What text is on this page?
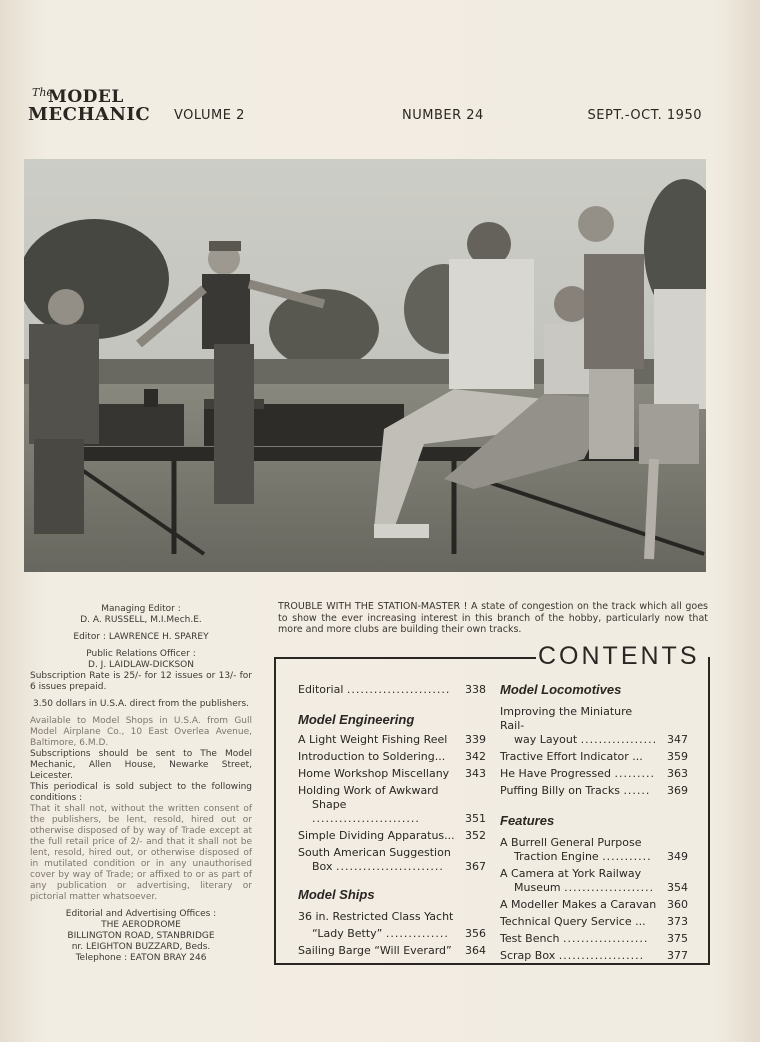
The
MODEL
MECHANIC VOLUME 2	NUMBER 24	SEPT.-OCT. 1950
TROUBLE WITH THE STATION-MASTER ! A state of congestion on the track which all goes to show the ever increasing interest in this branch of the hobby, particularly now that more and more clubs are building their own tracks.
Managing Editor :
D. A. RUSSELL, M.I.Mech.E.
Editor : LAWRENCE H. SPAREY
Public Relations Officer :
D. J. LAIDLAW-DICKSON
Subscription Rate is 25/- for 12 issues or 13/- for 6 issues prepaid.
3.50 dollars in U.S.A. direct from the publishers.
Available to Model Shops in U.S.A. from Gull Model Airplane Co., 10 East Overlea Avenue, Baltimore, 6.M.D.
Subscriptions should be sent to The Model Mechanic, Allen House, Newarke Street, Leicester.
This periodical is sold subject to the following conditions :
That it shall not, without the written consent of the publishers, be lent, resold, hired out or otherwise disposed of by way of Trade except at the full retail price of 2/- and that it shall not be lent, resold, hired out, or otherwise disposed of in mutilated condition or in any unauthorised cover by way of Trade; or affixed to or as part of any publication or advertising, literary or pictorial matter whatsoever.
Editorial and Advertising Offices :
THE AERODROME
BILLINGTON ROAD, STANBRIDGE
nr. LEIGHTON BUZZARD, Beds.
Telephone : EATON BRAY 246
CONTENTS
Editorial .......................	338
Model Engineering
A Light Weight Fishing Reel	339
Introduction to Soldering...	342
Home Workshop Miscellany	343
Holding Work of Awkward
Shape ........................	351
Simple Dividing Apparatus... 352
South American Suggestion
Box ........................	367
Model Ships
36 in. Restricted Class Yacht
“Lady Betty” ..............	356
Sailing Barge “Will Everard”	364
Model Locomotives
Improving the Miniature Rail-
way Layout ................. 347
Tractive Effort Indicator ...	359
He Have Progressed .........	363
Puffing Billy on Tracks ......	369
Features
A Burrell General Purpose
Traction Engine ...........	349
A Camera at York Railway
Museum ....................	354
A Modeller Makes a Caravan 360
Technical Query Service ...	373
Test Bench ...................	375
Scrap Box ...................	377
